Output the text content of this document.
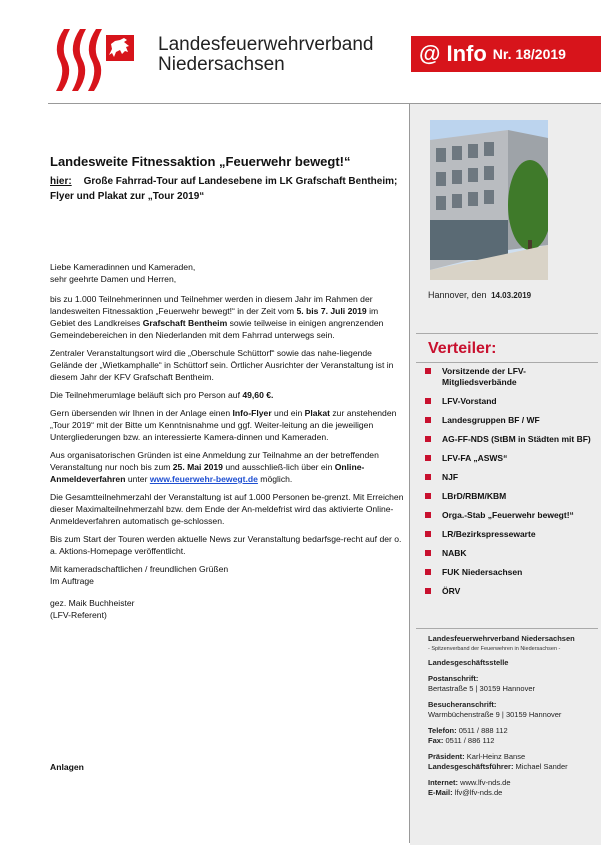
Landesfeuerwehrverband
Niedersachsen	@ Info Nr. 18/2019
Hannover, den 14.03.2019
Verteiler:
Vorsitzende der LFV-Mitgliedsverbände
LFV-Vorstand
Landesgruppen BF / WF
AG-FF-NDS (StBM in Städten mit BF)
LFV-FA „ASWS“
NJF
LBrD/RBM/KBM
Orga.-Stab „Feuerwehr bewegt!“
LR/Bezirkspressewarte
NABK
FUK Niedersachsen
ÖRV
Landesfeuerwehrverband Niedersachsen
- Spitzenverband der Feuerwehren in Niedersachsen -
Landesgeschäftsstelle
Postanschrift:
Bertastraße 5 | 30159 Hannover
Besucheranschrift:
Warmbüchenstraße 9 | 30159 Hannover
Telefon: 0511 / 888 112
Fax: 0511 / 886 112
Präsident: Karl-Heinz Banse
Landesgeschäftsführer: Michael Sander
Internet: www.lfv-nds.de
E-Mail: lfv@lfv-nds.de
Landesweite Fitnessaktion „Feuerwehr bewegt!“
hier: Große Fahrrad-Tour auf Landesebene im LK Grafschaft Bentheim;
Flyer und Plakat zur „Tour 2019“

Liebe Kameradinnen und Kameraden,
sehr geehrte Damen und Herren,

bis zu 1.000 Teilnehmerinnen und Teilnehmer werden in diesem Jahr im Rahmen der landesweiten Fitnessaktion „Feuerwehr bewegt!“ in der Zeit vom 5. bis 7. Juli 2019 im Gebiet des Landkreises Grafschaft Bentheim sowie teilweise in einigen angrenzenden Gemeindebereichen in den Niederlanden mit dem Fahrrad unterwegs sein.

Zentraler Veranstaltungsort wird die „Oberschule Schüttorf“ sowie das nahe-liegende Gelände der „Wietkamphalle“ in Schüttorf sein. Örtlicher Ausrichter der Veranstaltung ist in diesem Jahr der KFV Grafschaft Bentheim.

Die Teilnehmerumlage beläuft sich pro Person auf 49,60 €.

Gern übersenden wir Ihnen in der Anlage einen Info-Flyer und ein Plakat zur anstehenden „Tour 2019“ mit der Bitte um Kenntnisnahme und ggf. Weiter-leitung an die jeweiligen Untergliederungen bzw. an interessierte Kamera-dinnen und Kameraden.

Aus organisatorischen Gründen ist eine Anmeldung zur Teilnahme an der betreffenden Veranstaltung nur noch bis zum 25. Mai 2019 und ausschließ-lich über ein Online-Anmeldeverfahren unter www.feuerwehr-bewegt.de möglich.

Die Gesamtteilnehmerzahl der Veranstaltung ist auf 1.000 Personen be-grenzt. Mit Erreichen dieser Maximalteilnehmerzahl bzw. dem Ende der An-meldefrist wird das aktivierte Online-Anmeldeverfahren automatisch ge-schlossen.

Bis zum Start der Touren werden aktuelle News zur Veranstaltung bedarfsge-recht auf der o. a. Aktions-Homepage veröffentlicht.

Mit kameradschaftlichen / freundlichen Grüßen
Im Auftrage

gez. Maik Buchheister
(LFV-Referent)

Anlagen
